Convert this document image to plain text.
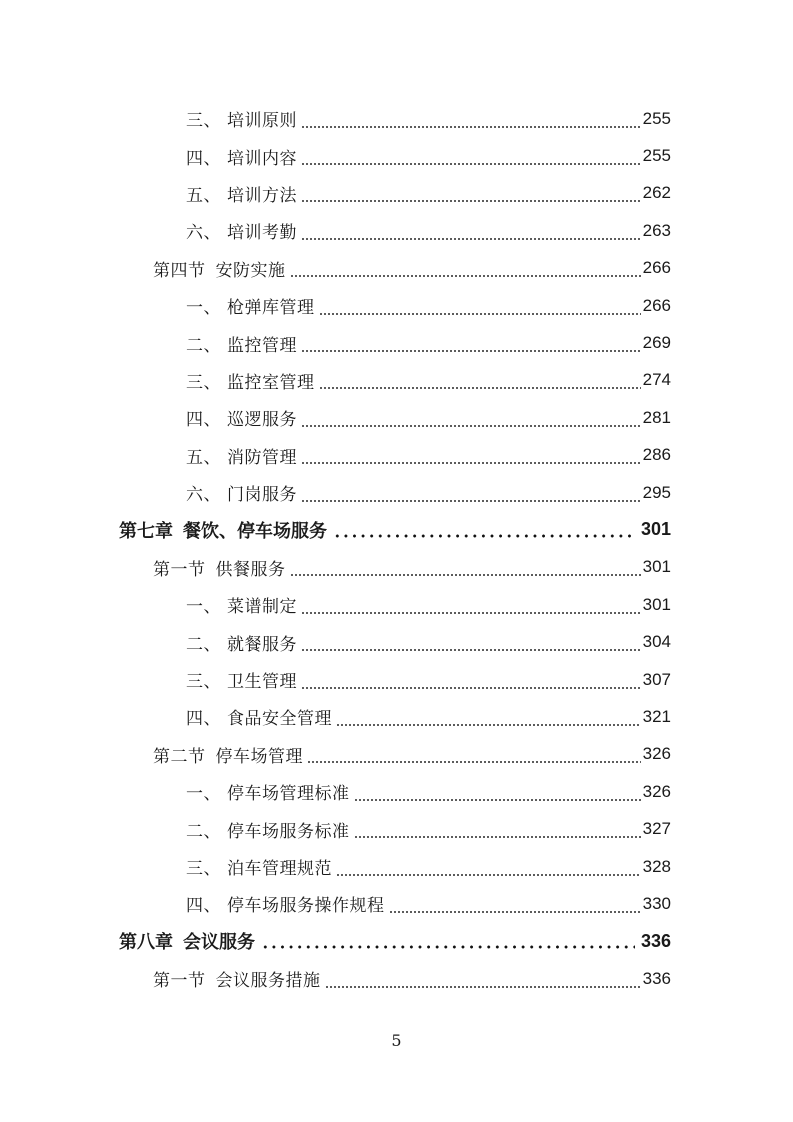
三、 培训原则	255
四、 培训内容	255
五、 培训方法	262
六、 培训考勤	263
第四节 安防实施	266
一、 枪弹库管理	266
二、 监控管理	269
三、 监控室管理	274
四、 巡逻服务	281
五、 消防管理	286
六、 门岗服务	295
第七章 餐饮、停车场服务	301
第一节 供餐服务	301
一、 菜谱制定	301
二、 就餐服务	304
三、 卫生管理	307
四、 食品安全管理	321
第二节 停车场管理	326
一、 停车场管理标准	326
二、 停车场服务标准	327
三、 泊车管理规范	328
四、 停车场服务操作规程	330
第八章 会议服务	336
第一节 会议服务措施	336
5
